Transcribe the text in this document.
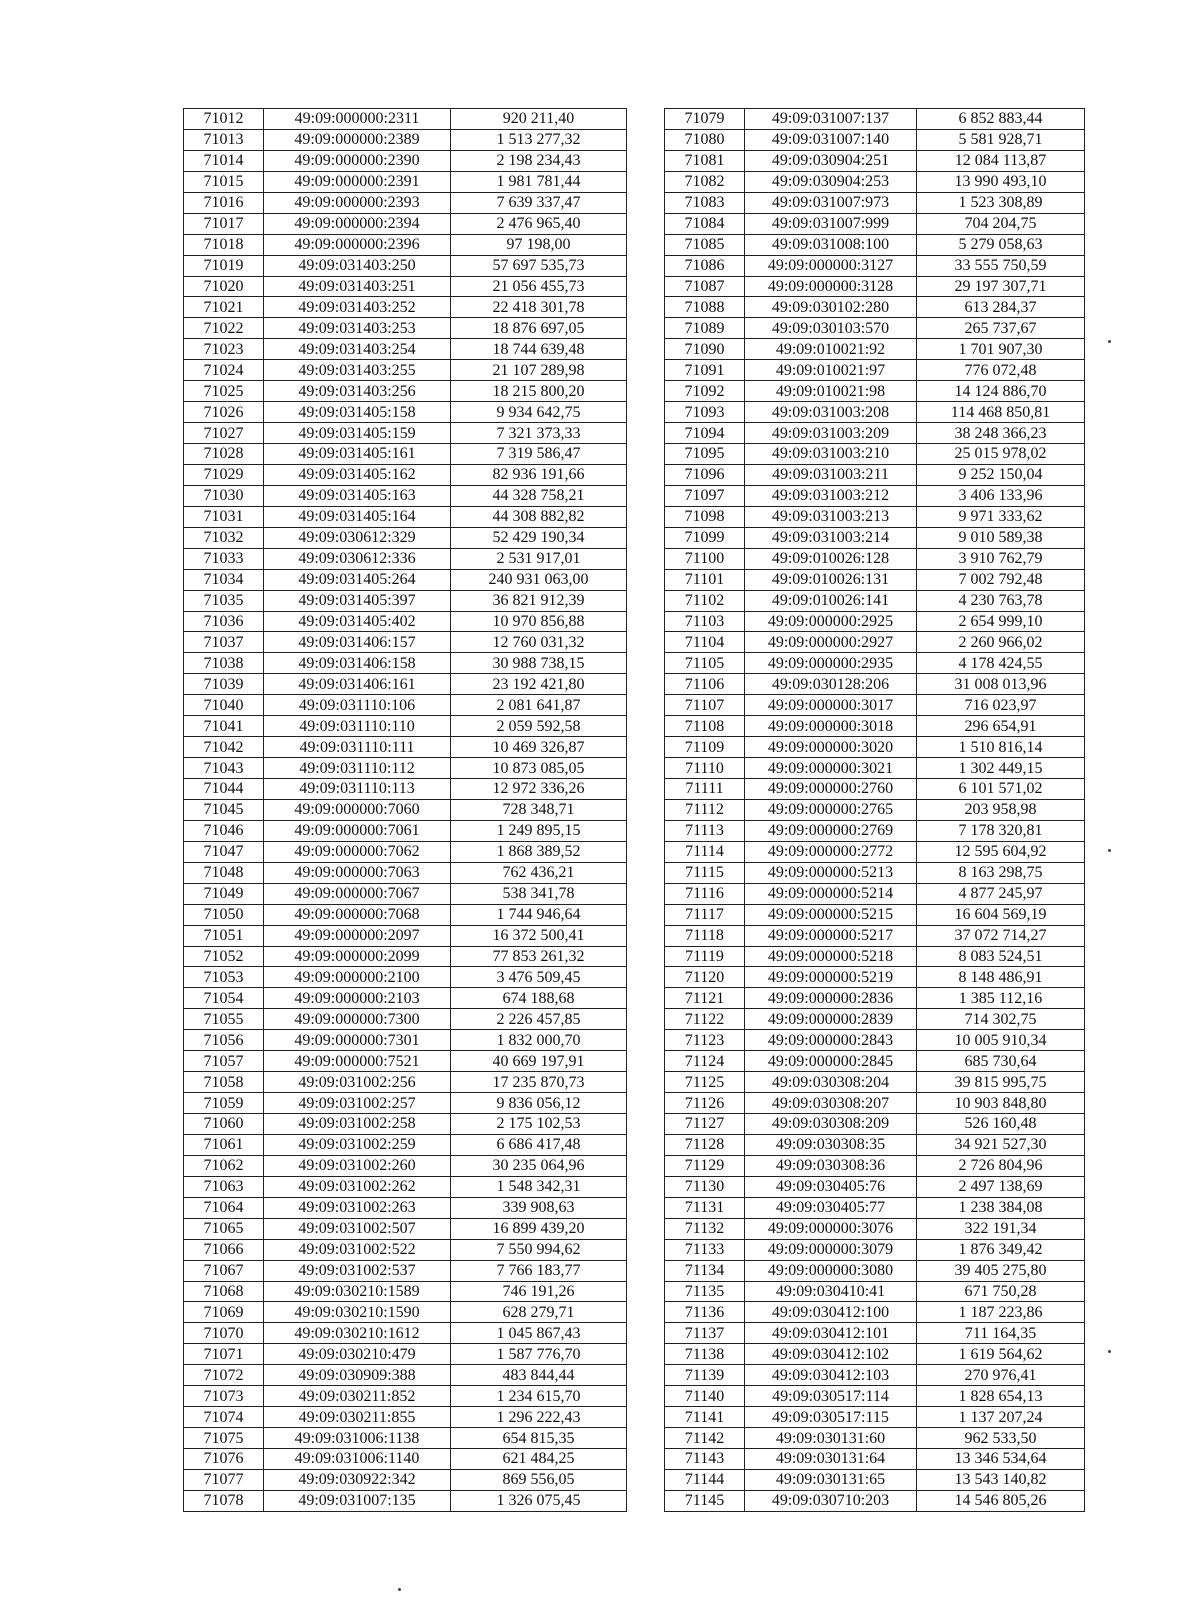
71012	49:09:000000:2311	920 211,40
71013	49:09:000000:2389	1 513 277,32
71014	49:09:000000:2390	2 198 234,43
71015	49:09:000000:2391	1 981 781,44
71016	49:09:000000:2393	7 639 337,47
71017	49:09:000000:2394	2 476 965,40
71018	49:09:000000:2396	97 198,00
71019	49:09:031403:250	57 697 535,73
71020	49:09:031403:251	21 056 455,73
71021	49:09:031403:252	22 418 301,78
71022	49:09:031403:253	18 876 697,05
71023	49:09:031403:254	18 744 639,48
71024	49:09:031403:255	21 107 289,98
71025	49:09:031403:256	18 215 800,20
71026	49:09:031405:158	9 934 642,75
71027	49:09:031405:159	7 321 373,33
71028	49:09:031405:161	7 319 586,47
71029	49:09:031405:162	82 936 191,66
71030	49:09:031405:163	44 328 758,21
71031	49:09:031405:164	44 308 882,82
71032	49:09:030612:329	52 429 190,34
71033	49:09:030612:336	2 531 917,01
71034	49:09:031405:264	240 931 063,00
71035	49:09:031405:397	36 821 912,39
71036	49:09:031405:402	10 970 856,88
71037	49:09:031406:157	12 760 031,32
71038	49:09:031406:158	30 988 738,15
71039	49:09:031406:161	23 192 421,80
71040	49:09:031110:106	2 081 641,87
71041	49:09:031110:110	2 059 592,58
71042	49:09:031110:111	10 469 326,87
71043	49:09:031110:112	10 873 085,05
71044	49:09:031110:113	12 972 336,26
71045	49:09:000000:7060	728 348,71
71046	49:09:000000:7061	1 249 895,15
71047	49:09:000000:7062	1 868 389,52
71048	49:09:000000:7063	762 436,21
71049	49:09:000000:7067	538 341,78
71050	49:09:000000:7068	1 744 946,64
71051	49:09:000000:2097	16 372 500,41
71052	49:09:000000:2099	77 853 261,32
71053	49:09:000000:2100	3 476 509,45
71054	49:09:000000:2103	674 188,68
71055	49:09:000000:7300	2 226 457,85
71056	49:09:000000:7301	1 832 000,70
71057	49:09:000000:7521	40 669 197,91
71058	49:09:031002:256	17 235 870,73
71059	49:09:031002:257	9 836 056,12
71060	49:09:031002:258	2 175 102,53
71061	49:09:031002:259	6 686 417,48
71062	49:09:031002:260	30 235 064,96
71063	49:09:031002:262	1 548 342,31
71064	49:09:031002:263	339 908,63
71065	49:09:031002:507	16 899 439,20
71066	49:09:031002:522	7 550 994,62
71067	49:09:031002:537	7 766 183,77
71068	49:09:030210:1589	746 191,26
71069	49:09:030210:1590	628 279,71
71070	49:09:030210:1612	1 045 867,43
71071	49:09:030210:479	1 587 776,70
71072	49:09:030909:388	483 844,44
71073	49:09:030211:852	1 234 615,70
71074	49:09:030211:855	1 296 222,43
71075	49:09:031006:1138	654 815,35
71076	49:09:031006:1140	621 484,25
71077	49:09:030922:342	869 556,05
71078	49:09:031007:135	1 326 075,45
71079	49:09:031007:137	6 852 883,44
71080	49:09:031007:140	5 581 928,71
71081	49:09:030904:251	12 084 113,87
71082	49:09:030904:253	13 990 493,10
71083	49:09:031007:973	1 523 308,89
71084	49:09:031007:999	704 204,75
71085	49:09:031008:100	5 279 058,63
71086	49:09:000000:3127	33 555 750,59
71087	49:09:000000:3128	29 197 307,71
71088	49:09:030102:280	613 284,37
71089	49:09:030103:570	265 737,67
71090	49:09:010021:92	1 701 907,30
71091	49:09:010021:97	776 072,48
71092	49:09:010021:98	14 124 886,70
71093	49:09:031003:208	114 468 850,81
71094	49:09:031003:209	38 248 366,23
71095	49:09:031003:210	25 015 978,02
71096	49:09:031003:211	9 252 150,04
71097	49:09:031003:212	3 406 133,96
71098	49:09:031003:213	9 971 333,62
71099	49:09:031003:214	9 010 589,38
71100	49:09:010026:128	3 910 762,79
71101	49:09:010026:131	7 002 792,48
71102	49:09:010026:141	4 230 763,78
71103	49:09:000000:2925	2 654 999,10
71104	49:09:000000:2927	2 260 966,02
71105	49:09:000000:2935	4 178 424,55
71106	49:09:030128:206	31 008 013,96
71107	49:09:000000:3017	716 023,97
71108	49:09:000000:3018	296 654,91
71109	49:09:000000:3020	1 510 816,14
71110	49:09:000000:3021	1 302 449,15
71111	49:09:000000:2760	6 101 571,02
71112	49:09:000000:2765	203 958,98
71113	49:09:000000:2769	7 178 320,81
71114	49:09:000000:2772	12 595 604,92
71115	49:09:000000:5213	8 163 298,75
71116	49:09:000000:5214	4 877 245,97
71117	49:09:000000:5215	16 604 569,19
71118	49:09:000000:5217	37 072 714,27
71119	49:09:000000:5218	8 083 524,51
71120	49:09:000000:5219	8 148 486,91
71121	49:09:000000:2836	1 385 112,16
71122	49:09:000000:2839	714 302,75
71123	49:09:000000:2843	10 005 910,34
71124	49:09:000000:2845	685 730,64
71125	49:09:030308:204	39 815 995,75
71126	49:09:030308:207	10 903 848,80
71127	49:09:030308:209	526 160,48
71128	49:09:030308:35	34 921 527,30
71129	49:09:030308:36	2 726 804,96
71130	49:09:030405:76	2 497 138,69
71131	49:09:030405:77	1 238 384,08
71132	49:09:000000:3076	322 191,34
71133	49:09:000000:3079	1 876 349,42
71134	49:09:000000:3080	39 405 275,80
71135	49:09:030410:41	671 750,28
71136	49:09:030412:100	1 187 223,86
71137	49:09:030412:101	711 164,35
71138	49:09:030412:102	1 619 564,62
71139	49:09:030412:103	270 976,41
71140	49:09:030517:114	1 828 654,13
71141	49:09:030517:115	1 137 207,24
71142	49:09:030131:60	962 533,50
71143	49:09:030131:64	13 346 534,64
71144	49:09:030131:65	13 543 140,82
71145	49:09:030710:203	14 546 805,26
